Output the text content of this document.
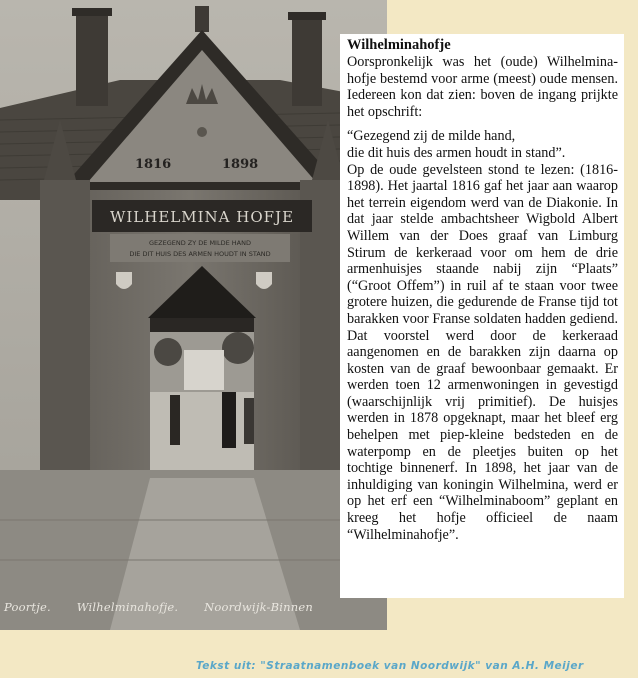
1816	1898
WILHELMINA HOFJE
GEZEGEND ZY DE MILDE HAND
DIE DIT HUIS DES ARMEN HOUDT IN STAND
Poortje. Wilhelminahofje. Noordwijk-Binnen
Wilhelminahofje

Oorspronkelijk was het (oude) Wilhelmina-hofje bestemd voor arme (meest) oude mensen. Iedereen kon dat zien: boven de ingang prijkte het opschrift:

“Gezegend zij de milde hand,
die dit huis des armen houdt in stand”.

Op de oude gevelsteen stond te lezen: (1816-1898). Het jaartal 1816 gaf het jaar aan waarop het terrein eigendom werd van de Diakonie. In dat jaar stelde ambachtsheer Wigbold Albert Willem van der Does graaf van Limburg Stirum de kerkeraad voor om hem de drie armenhuisjes staande nabij zijn “Plaats” (“Groot Offem”) in ruil af te staan voor twee grotere huizen, die gedurende de Franse tijd tot barakken voor Franse soldaten hadden gediend. Dat voorstel werd door de kerkeraad aangenomen en de barakken zijn daarna op kosten van de graaf bewoonbaar gemaakt. Er werden toen 12 armenwoningen in gevestigd (waarschijnlijk vrij primitief). De huisjes werden in 1878 opgeknapt, maar het bleef erg behelpen met piep-kleine bedsteden en de waterpomp en de pleetjes buiten op het tochtige binnenerf. In 1898, het jaar van de inhuldiging van koningin Wilhelmina, werd er op het erf een “Wilhelminaboom” geplant en kreeg het hofje officieel de naam “Wilhelminahofje”.

Tekst uit: "Straatnamenboek van Noordwijk" van A.H. Meijer
